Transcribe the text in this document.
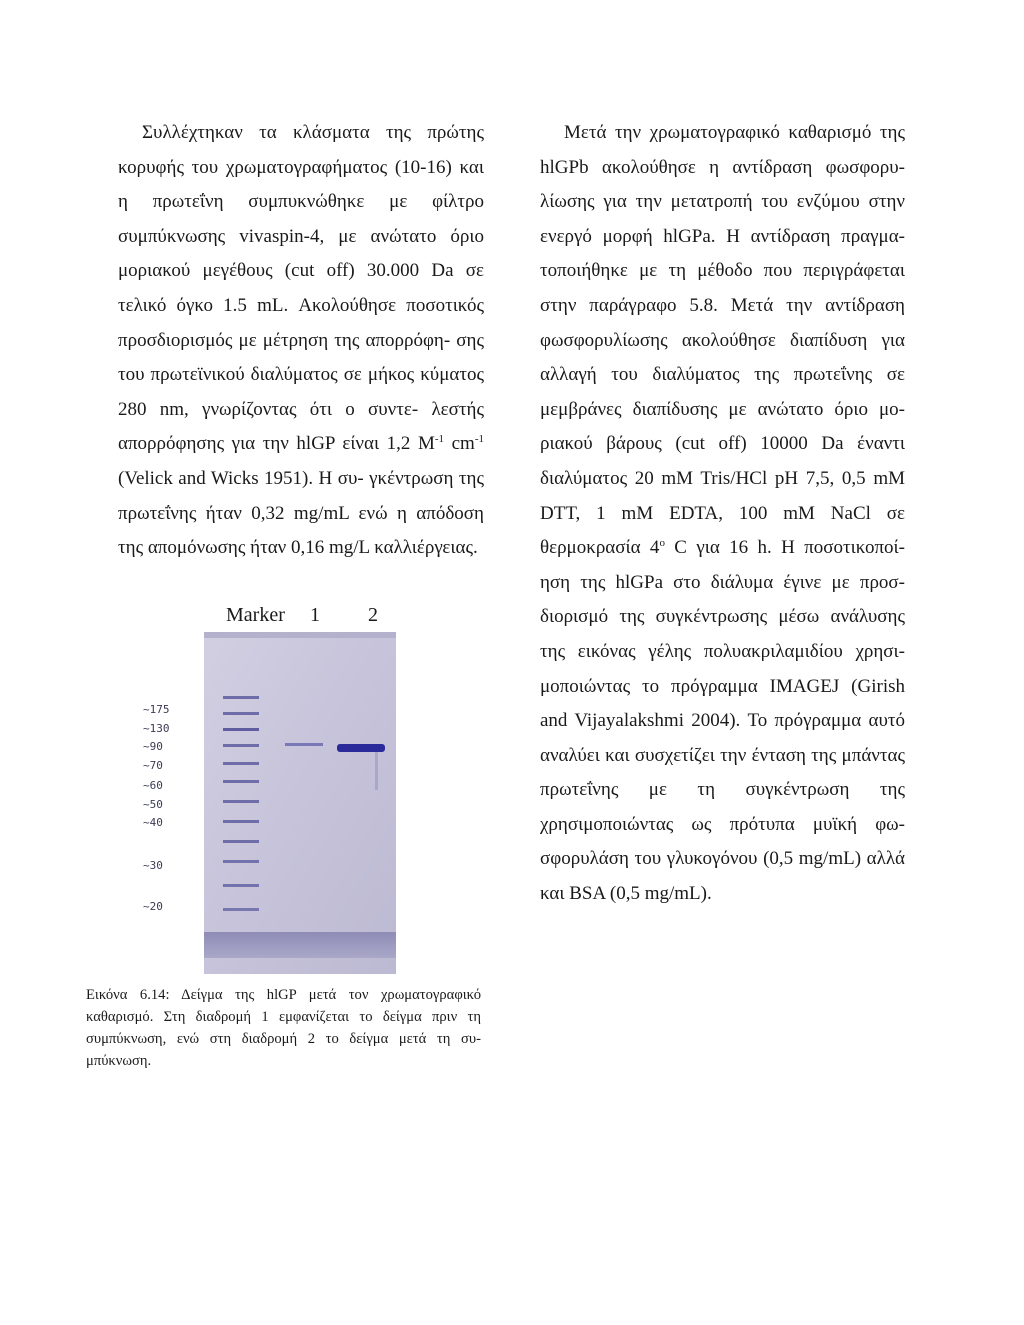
Συλλέχτηκαν τα κλάσματα της πρώτης κορυφής του χρωματογραφήματος (10-16) και η πρωτεΐνη συμπυκνώθηκε με φίλτρο συμπύκνωσης vivaspin-4, με ανώτατο όριο μοριακού μεγέθους (cut off) 30.000 Da σε τελικό όγκο 1.5 mL. Ακολούθησε ποσοτικός προσδιορισμός με μέτρηση της απορρόφη- σης του πρωτεϊνικού διαλύματος σε μήκος κύματος 280 nm, γνωρίζοντας ότι ο συντε- λεστής απορρόφησης για την hlGP είναι 1,2 $M^{-1}$ $cm^{-1}$ (Velick and Wicks 1951). Η συ- γκέντρωση της πρωτεΐνης ήταν 0,32 mg/mL ενώ η απόδοση της απομόνωσης ήταν 0,16 mg/L καλλιέργειας.

Μετά την χρωματογραφικό καθαρισμό της hlGPb ακολούθησε η αντίδραση φωσφορυ- λίωσης για την μετατροπή του ενζύμου στην ενεργό μορφή hlGPa. Η αντίδραση πραγμα- τοποιήθηκε με τη μέθοδο που περιγράφεται στην παράγραφο 5.8. Μετά την αντίδραση φωσφορυλίωσης ακολούθησε διαπίδυση για αλλαγή του διαλύματος της πρωτεΐνης σε μεμβράνες διαπίδυσης με ανώτατο όριο μο- ριακού βάρους (cut off) 10000 Da έναντι διαλύματος 20 mM Tris/HCl pH 7,5, 0,5 mM DTT, 1 mM EDTA, 100 mM NaCl σε θερμοκρασία 4$^o$ C για 16 h. Η ποσοτικοποί- ηση της hlGPa στο διάλυμα έγινε με προσ- διορισμό της συγκέντρωσης μέσω ανάλυσης της εικόνας γέλης πολυακριλαμιδίου χρησι- μοποιώντας το πρόγραμμα IMAGEJ (Girish and Vijayalakshmi 2004). Το πρόγραμμα αυτό αναλύει και συσχετίζει την ένταση της μπάντας πρωτεΐνης με τη συγκέντρωση της χρησιμοποιώντας ως πρότυπα μυϊκή φω- σφορυλάση του γλυκογόνου (0,5 mg/mL) αλλά και BSA (0,5 mg/mL).

Marker 1 2
~175
~130
~90
~70
~60
~50
~40
~30
~20
Εικόνα 6.14: Δείγμα της hlGP μετά τον χρωματογραφικό καθαρισμό. Στη διαδρομή 1 εμφανίζεται το δείγμα πριν τη συμπύκνωση, ενώ στη διαδρομή 2 το δείγμα μετά τη συ- μπύκνωση.
